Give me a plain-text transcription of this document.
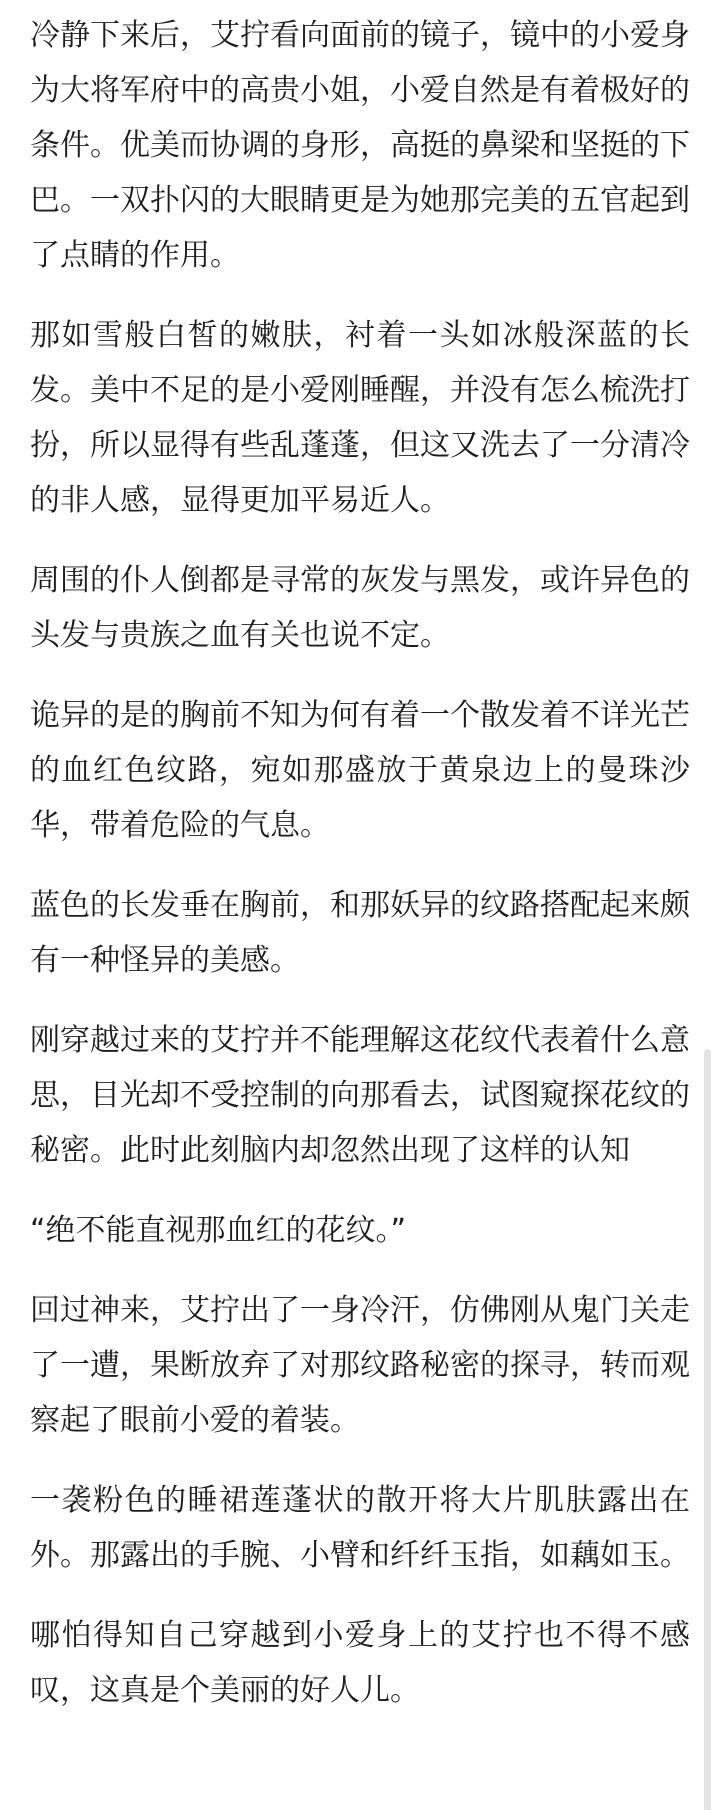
冷静下来后，艾拧看向面前的镜子，镜中的小爱身为大将军府中的高贵小姐，小爱自然是有着极好的条件。优美而协调的身形，高挺的鼻梁和坚挺的下巴。一双扑闪的大眼睛更是为她那完美的五官起到了点睛的作用。

那如雪般白皙的嫩肤，衬着一头如冰般深蓝的长发。美中不足的是小爱刚睡醒，并没有怎么梳洗打扮，所以显得有些乱蓬蓬，但这又洗去了一分清冷的非人感，显得更加平易近人。

周围的仆人倒都是寻常的灰发与黑发，或许异色的头发与贵族之血有关也说不定。

诡异的是的胸前不知为何有着一个散发着不详光芒的血红色纹路，宛如那盛放于黄泉边上的曼珠沙华，带着危险的气息。

蓝色的长发垂在胸前，和那妖异的纹路搭配起来颇有一种怪异的美感。

刚穿越过来的艾拧并不能理解这花纹代表着什么意思，目光却不受控制的向那看去，试图窥探花纹的秘密。此时此刻脑内却忽然出现了这样的认知

“绝不能直视那血红的花纹。”

回过神来，艾拧出了一身冷汗，仿佛刚从鬼门关走了一遭，果断放弃了对那纹路秘密的探寻，转而观察起了眼前小爱的着装。

一袭粉色的睡裙莲蓬状的散开将大片肌肤露出在外。那露出的手腕、小臂和纤纤玉指，如藕如玉。

哪怕得知自己穿越到小爱身上的艾拧也不得不感叹，这真是个美丽的好人儿。
